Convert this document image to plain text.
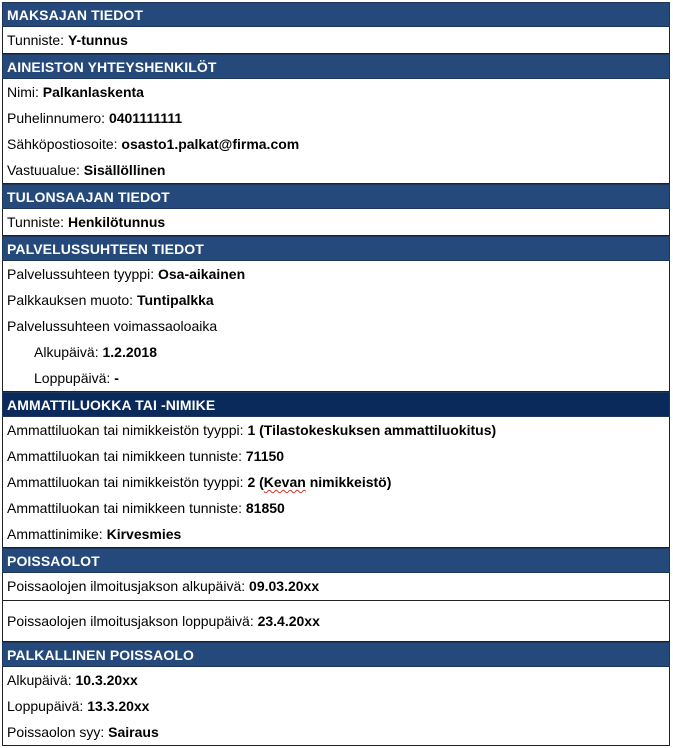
MAKSAJAN TIEDOT
Tunniste: Y-tunnus
AINEISTON YHTEYSHENKILÖT
Nimi: Palkanlaskenta
Puhelinnumero: 0401111111
Sähköpostiosoite: osasto1.palkat@firma.com
Vastuualue: Sisällöllinen
TULONSAAJAN TIEDOT
Tunniste: Henkilötunnus
PALVELUSSUHTEEN TIEDOT
Palvelussuhteen tyyppi: Osa-aikainen
Palkkauksen muoto: Tuntipalkka
Palvelussuhteen voimassaoloaika
Alkupäivä: 1.2.2018
Loppupäivä: -
AMMATTILUOKKA TAI -NIMIKE
Ammattiluokan tai nimikkeistön tyyppi: 1 (Tilastokeskuksen ammattiluokitus)
Ammattiluokan tai nimikkeen tunniste: 71150
Ammattiluokan tai nimikkeistön tyyppi: 2 (Kevan nimikkeistö)
Ammattiluokan tai nimikkeen tunniste: 81850
Ammattinimike: Kirvesmies
POISSAOLOT
Poissaolojen ilmoitusjakson alkupäivä: 09.03.20xx
Poissaolojen ilmoitusjakson loppupäivä: 23.4.20xx
PALKALLINEN POISSAOLO
Alkupäivä: 10.3.20xx
Loppupäivä: 13.3.20xx
Poissaolon syy: Sairaus
